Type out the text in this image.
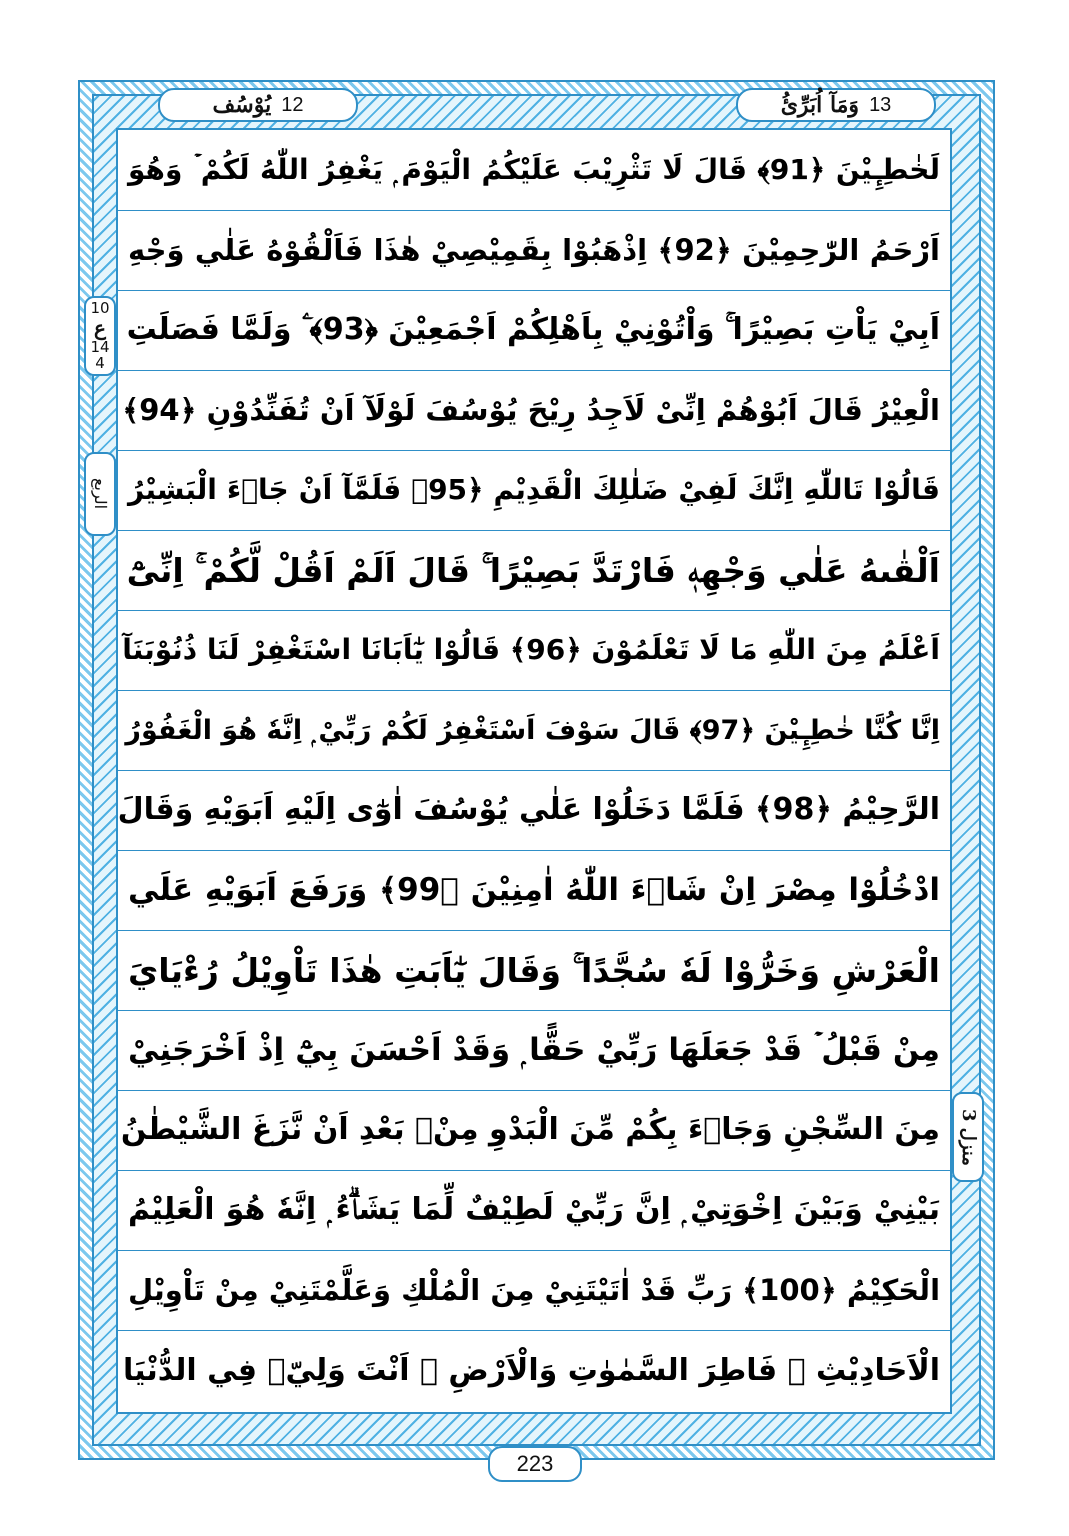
وَمَآ اُبَرِّئُ 13
يُوْسُف 12
لَخٰطِـِٕيْنَ ﴿91﴾ قَالَ لَا تَثْرِيْبَ عَلَيْكُمُ الْيَوْمَ ۭ يَغْفِرُ اللّٰهُ لَكُمْ ۡ وَهُوَ
اَرْحَمُ الرّٰحِمِيْنَ ﴿92﴾ اِذْهَبُوْا بِقَمِيْصِيْ هٰذَا فَاَلْقُوْهُ عَلٰي وَجْهِ
اَبِيْ يَاْتِ بَصِيْرًا ۚ وَاْتُوْنِيْ بِاَهْلِكُمْ اَجْمَعِيْنَ ﴿93﴾ ۧ وَلَمَّا فَصَلَتِ
الْعِيْرُ قَالَ اَبُوْهُمْ اِنِّىْ لَاَجِدُ رِيْحَ يُوْسُفَ لَوْلَآ اَنْ تُفَنِّدُوْنِ ﴿94﴾
قَالُوْا تَاللّٰهِ اِنَّكَ لَفِيْ ضَلٰلِكَ الْقَدِيْمِ ﴿95﴾ فَلَمَّآ اَنْ جَاۗءَ الْبَشِيْرُ
اَلْقٰىهُ عَلٰي وَجْهِهٖ فَارْتَدَّ بَصِيْرًا ۚ قَالَ اَلَمْ اَقُلْ لَّكُمْ ۚ اِنِّىْٓ
اَعْلَمُ مِنَ اللّٰهِ مَا لَا تَعْلَمُوْنَ ﴿96﴾ قَالُوْا يٰٓاَبَانَا اسْتَغْفِرْ لَنَا ذُنُوْبَنَآ
اِنَّا كُنَّا خٰطِـِٕيْنَ ﴿97﴾ قَالَ سَوْفَ اَسْتَغْفِرُ لَكُمْ رَبِّيْ ۭ اِنَّهٗ هُوَ الْغَفُوْرُ
الرَّحِيْمُ ﴿98﴾ فَلَمَّا دَخَلُوْا عَلٰي يُوْسُفَ اٰوٰٓى اِلَيْهِ اَبَوَيْهِ وَقَالَ
ادْخُلُوْا مِصْرَ اِنْ شَاۗءَ اللّٰهُ اٰمِنِيْنَ ﴿99﴾ وَرَفَعَ اَبَوَيْهِ عَلَي
الْعَرْشِ وَخَرُّوْا لَهٗ سُجَّدًا ۚ وَقَالَ يٰٓاَبَتِ هٰذَا تَاْوِيْلُ رُءْيَايَ
مِنْ قَبْلُ ۡ قَدْ جَعَلَهَا رَبِّيْ حَقًّا ۭ وَقَدْ اَحْسَنَ بِيْٓ اِذْ اَخْرَجَنِيْ
مِنَ السِّجْنِ وَجَاۗءَ بِكُمْ مِّنَ الْبَدْوِ مِنْۢ بَعْدِ اَنْ نَّزَغَ الشَّيْطٰنُ
بَيْنِيْ وَبَيْنَ اِخْوَتِيْ ۭ اِنَّ رَبِّيْ لَطِيْفٌ لِّمَا يَشَاۗءُ ۭ اِنَّهٗ هُوَ الْعَلِيْمُ
الْحَكِيْمُ ﴿100﴾ رَبِّ قَدْ اٰتَيْتَنِيْ مِنَ الْمُلْكِ وَعَلَّمْتَنِيْ مِنْ تَاْوِيْلِ
الْاَحَادِيْثِ ۚ فَاطِرَ السَّمٰوٰتِ وَالْاَرْضِ ۣ اَنْتَ وَلِيّٖ فِي الدُّنْيَا
10
ع
14
4
الربع
منزل 3
223
